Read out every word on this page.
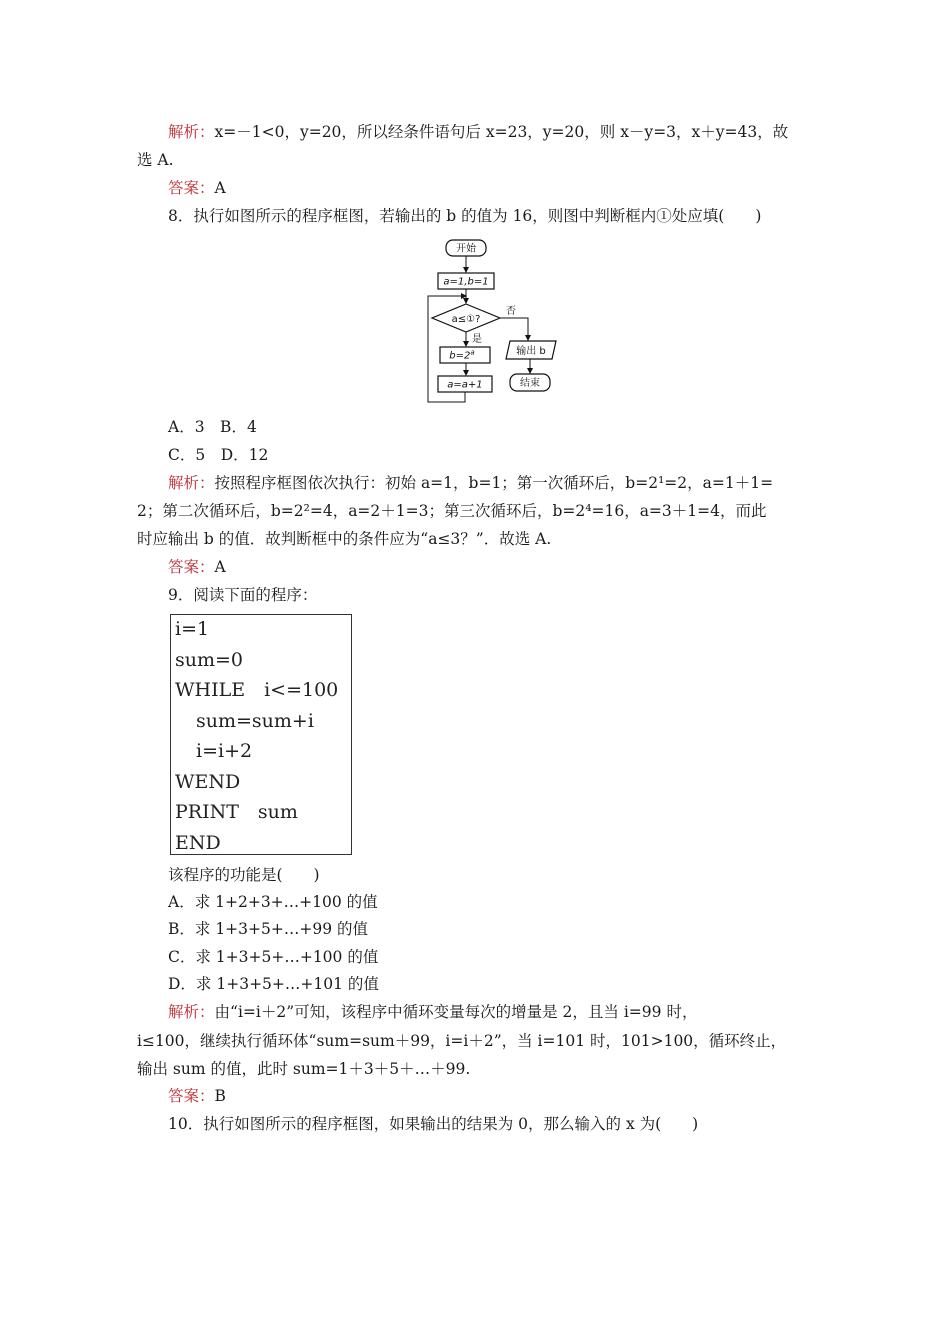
解析：x=－1<0，y=20，所以经条件语句后 x=23，y=20，则 x－y=3，x＋y=43，故
选 A.
答案：A
8．执行如图所示的程序框图，若输出的 b 的值为 16，则图中判断框内①处应填(　　)
开始
a=1,b=1
a≤①?
否
是
$b=2^a$
a=a+1
输出 b
结束
A．3　B．4
C．5　D．12
解析：按照程序框图依次执行：初始 a=1，b=1；第一次循环后，b=2¹=2，a=1＋1=
2；第二次循环后，b=2²=4，a=2＋1=3；第三次循环后，b=2⁴=16，a=3＋1=4，而此
时应输出 b 的值．故判断框中的条件应为“a≤3？”．故选 A.
答案：A
9．阅读下面的程序：
i=1
sum=0
WHILE　i<=100
sum=sum+i
i=i+2
WEND
PRINT　sum
END
该程序的功能是(　　)
A．求 1+2+3+…+100 的值
B．求 1+3+5+…+99 的值
C．求 1+3+5+…+100 的值
D．求 1+3+5+…+101 的值
解析：由“i=i＋2”可知，该程序中循环变量每次的增量是 2，且当 i=99 时，
i≤100，继续执行循环体“sum=sum＋99，i=i＋2”，当 i=101 时，101>100，循环终止，
输出 sum 的值，此时 sum=1＋3＋5＋…＋99.
答案：B
10．执行如图所示的程序框图，如果输出的结果为 0，那么输入的 x 为(　　)
